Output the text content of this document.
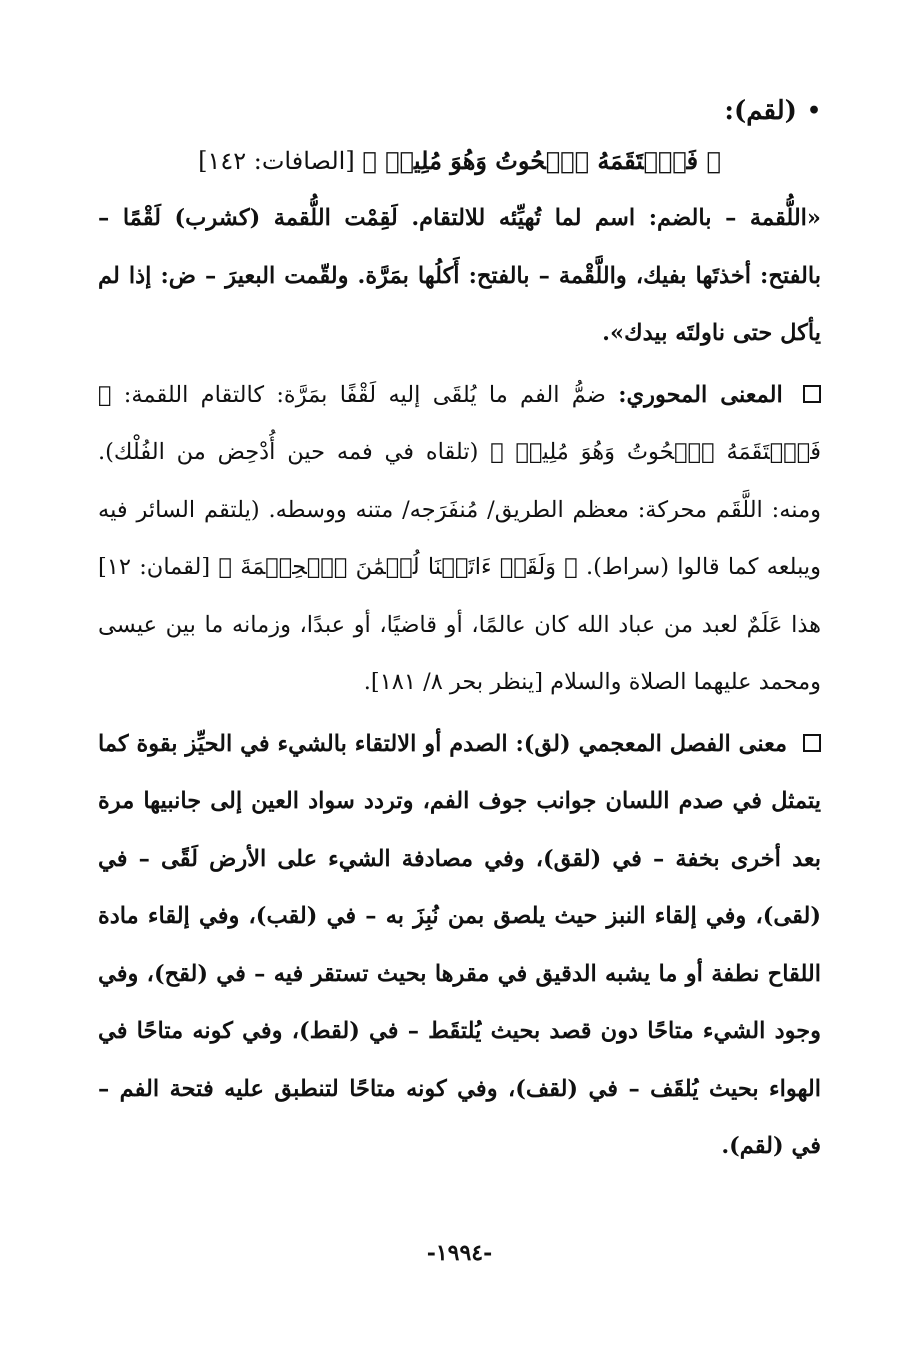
•
(لقم):
﴿ فَٱلۡتَقَمَهُ ٱلۡحُوتُ وَهُوَ مُلِيمٞ ﴾ [الصافات: ١٤٢]

«اللُّقمة – بالضم: اسم لما تُهيِّئه للالتقام. لَقِمْت اللُّقمة (كشرب) لَقْمًا – بالفتح: أخذتَها بفيك، واللَّقْمة – بالفتح: أَكلُها بمَرَّة. ولقّمت البعيرَ – ض: إذا لم يأكل حتى ناولتَه بيدك».

المعنى المحوري: ضمُّ الفم ما يُلقَى إليه لَقْفًا بمَرَّة: كالتقام اللقمة: ﴿ فَٱلۡتَقَمَهُ ٱلۡحُوتُ وَهُوَ مُلِيمٞ ﴾ (تلقاه في فمه حين أُدْحِض من الفُلْك). ومنه: اللَّقَم محركة: معظم الطريق/ مُنفَرَجه/ متنه ووسطه. (يلتقم السائر فيه ويبلعه كما قالوا (سراط). ﴿ وَلَقَدۡ ءَاتَيۡنَا لُقۡمَٰنَ ٱلۡحِكۡمَةَ ﴾ [لقمان: ١٢] هذا عَلَمٌ لعبد من عباد الله كان عالمًا، أو قاضيًا، أو عبدًا، وزمانه ما بين عيسى ومحمد عليهما الصلاة والسلام [ينظر بحر ٨/ ١٨١].

معنى الفصل المعجمي (لق): الصدم أو الالتقاء بالشيء في الحيِّز بقوة كما يتمثل في صدم اللسان جوانب جوف الفم، وتردد سواد العين إلى جانبيها مرة بعد أخرى بخفة – في (لقق)، وفي مصادفة الشيء على الأرض لَقًى – في (لقى)، وفي إلقاء النبز حيث يلصق بمن نُبِزَ به – في (لقب)، وفي إلقاء مادة اللقاح نطفة أو ما يشبه الدقيق في مقرها بحيث تستقر فيه – في (لقح)، وفي وجود الشيء متاحًا دون قصد بحيث يُلتقَط – في (لقط)، وفي كونه متاحًا في الهواء بحيث يُلقَف – في (لقف)، وفي كونه متاحًا لتنطبق عليه فتحة الفم – في (لقم).

-١٩٩٤-
